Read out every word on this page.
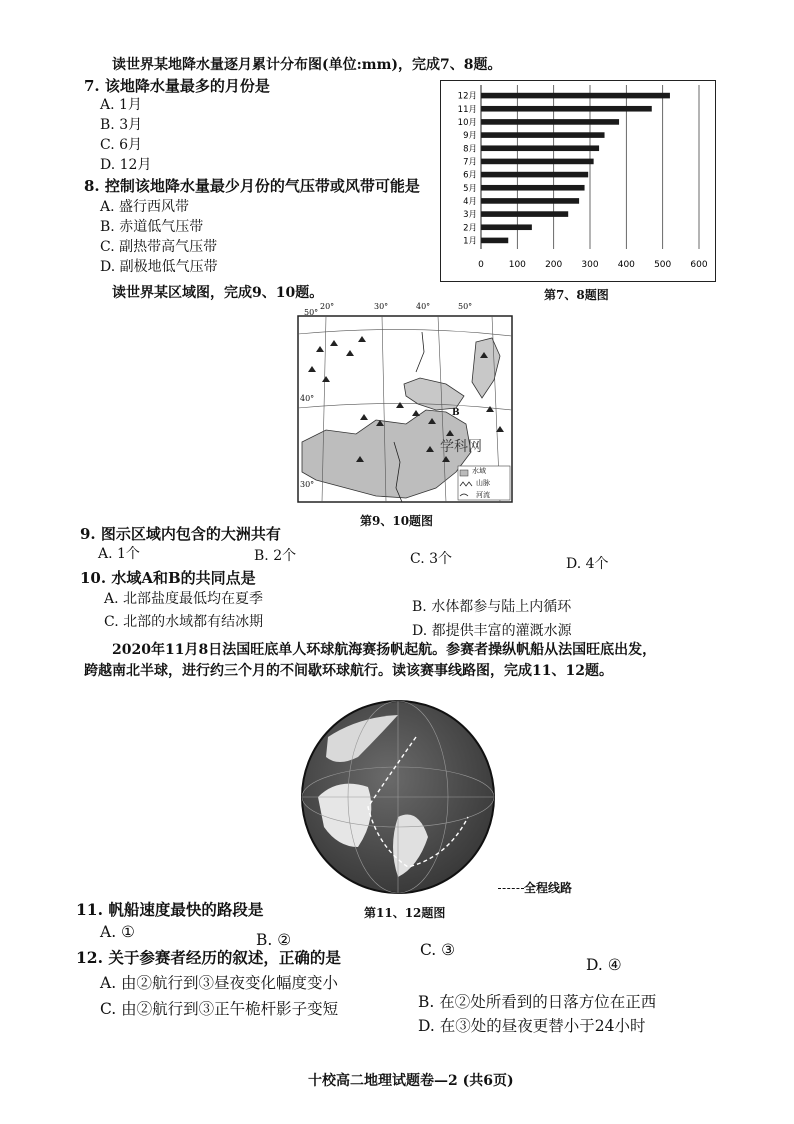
读世界某地降水量逐月累计分布图(单位:mm)，完成7、8题。
7. 该地降水量最多的月份是
A. 1月
B. 3月
C. 6月
D. 12月
8. 控制该地降水量最少月份的气压带或风带可能是
A. 盛行西风带
B. 赤道低气压带
C. 副热带高气压带
D. 副极地低气压带
读世界某区域图，完成9、10题。
0	100 200 300 400 500 600
1月
2月
3月
4月
5月
6月
7月
8月
9月
10月
11月
12月
第7、8题图
50°
40°
30°
20°	30°	40°	50°
B
学科网
水域
山脉
河流
第9、10题图
9. 图示区域内包含的大洲共有
A. 1个	B. 2个	C. 3个	D. 4个
10. 水域A和B的共同点是
A. 北部盐度最低均在夏季	B. 水体都参与陆上内循环
C. 北部的水域都有结冰期
D. 都提供丰富的灌溉水源
2020年11月8日法国旺底单人环球航海赛扬帆起航。参赛者操纵帆船从法国旺底出发，
跨越南北半球，进行约三个月的不间歇环球航行。读该赛事线路图，完成11、12题。
全程线路
第11、12题图
11. 帆船速度最快的路段是
A. ①	B. ②
C. ③
D. ④
12. 关于参赛者经历的叙述，正确的是
A. 由②航行到③昼夜变化幅度变小
B. 在②处所看到的日落方位在正西
C. 由②航行到③正午桅杆影子变短
D. 在③处的昼夜更替小于24小时
十校高二地理试题卷—2 (共6页)
